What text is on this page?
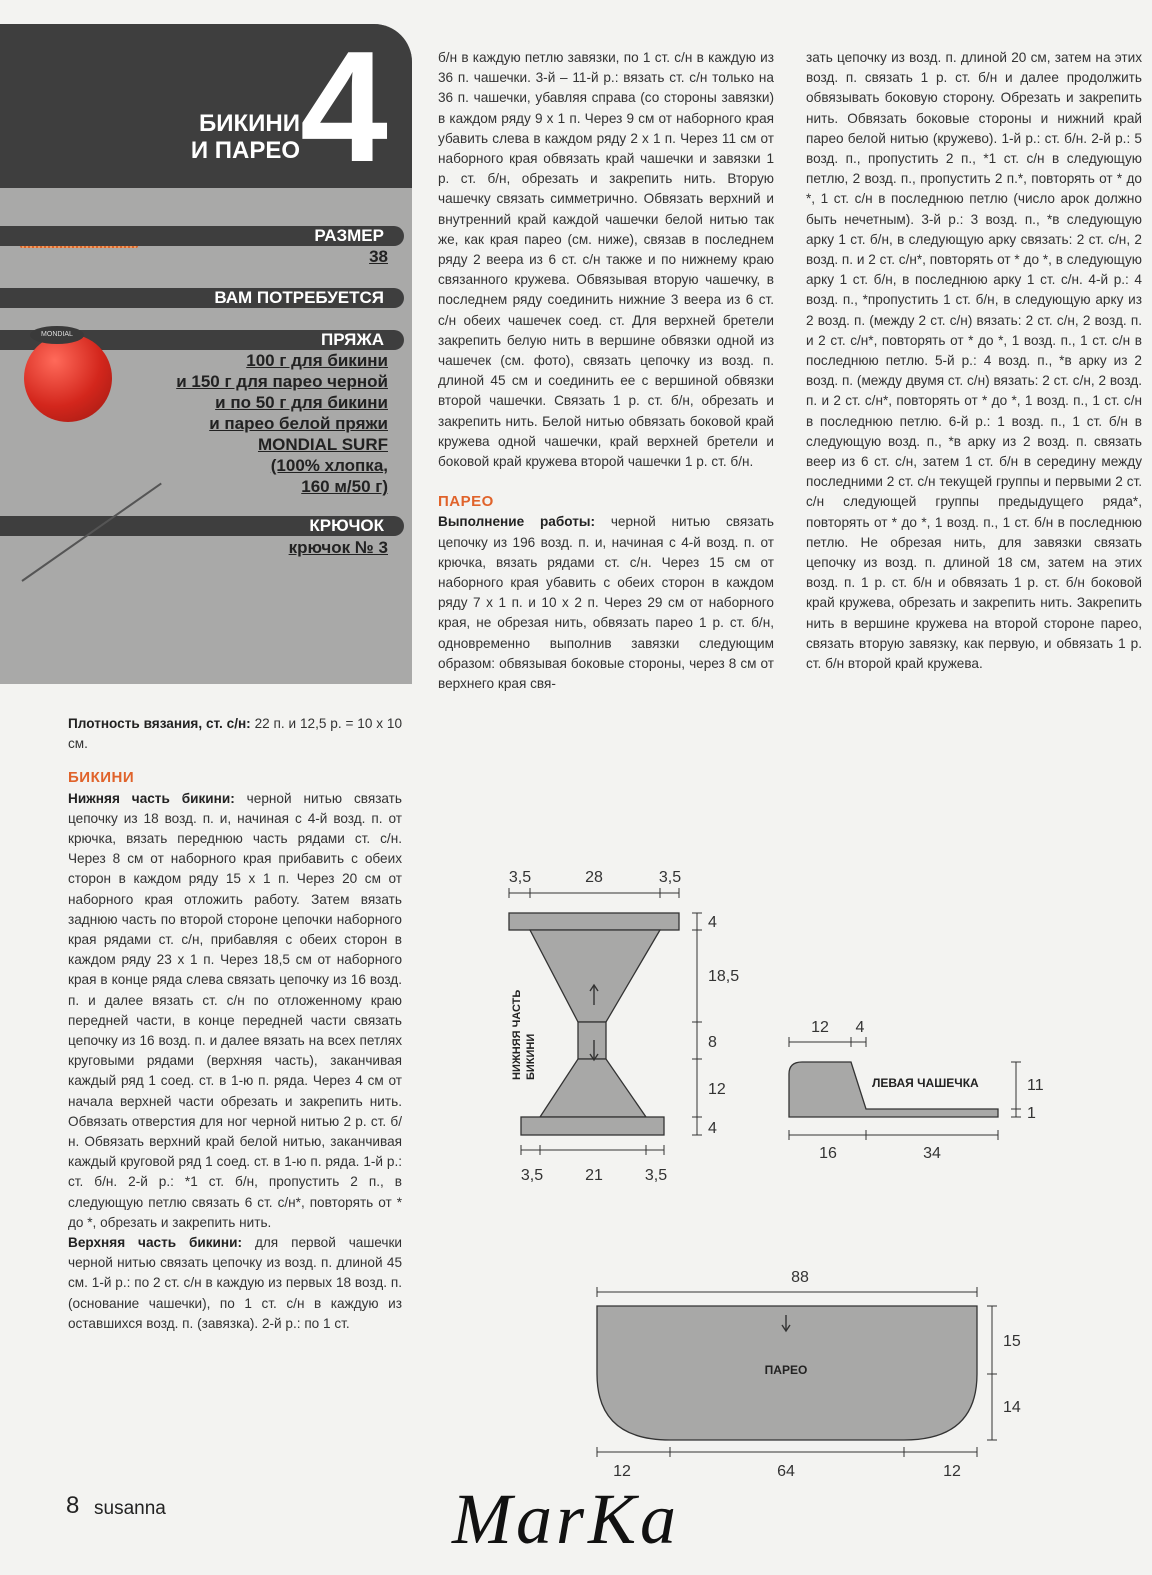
БИКИНИ
И ПАРЕО 4
РАЗМЕР
38
ВАМ ПОТРЕБУЕТСЯ
ПРЯЖА
MONDIAL
100 г для бикини
и 150 г для парео черной
и по 50 г для бикини
и парео белой пряжи
MONDIAL SURF
(100% хлопка,
160 м/50 г)
КРЮЧОК
крючок № 3

Плотность вязания, ст. с/н: 22 п. и 12,5 р. = 10 х 10 см.

БИКИНИ

Нижняя часть бикини: черной нитью связать цепочку из 18 возд. п. и, начиная с 4-й возд. п. от крючка, вязать переднюю часть рядами ст. с/н. Через 8 см от наборного края прибавить с обеих сторон в каждом ряду 15 х 1 п. Через 20 см от наборного края отложить работу. Затем вязать заднюю часть по второй стороне цепочки наборного края рядами ст. с/н, прибавляя с обеих сторон в каждом ряду 23 х 1 п. Через 18,5 см от наборного края в конце ряда слева связать цепочку из 16 возд. п. и далее вязать ст. с/н по отложенному краю передней части, в конце передней части связать цепочку из 16 возд. п. и далее вязать на всех петлях круговыми рядами (верхняя часть), заканчивая каждый ряд 1 соед. ст. в 1-ю п. ряда. Через 4 см от начала верхней части обрезать и закрепить нить. Обвязать отверстия для ног черной нитью 2 р. ст. б/н. Обвязать верхний край белой нитью, заканчивая каждый круговой ряд 1 соед. ст. в 1-ю п. ряда. 1-й р.: ст. б/н. 2-й р.: *1 ст. б/н, пропустить 2 п., в следующую петлю связать 6 ст. с/н*, повторять от * до *, обрезать и закрепить нить.

Верхняя часть бикини: для первой чашечки черной нитью связать цепочку из возд. п. длиной 45 см. 1-й р.: по 2 ст. с/н в каждую из первых 18 возд. п. (основание чашечки), по 1 ст. с/н в каждую из оставшихся возд. п. (завязка). 2-й р.: по 1 ст.

б/н в каждую петлю завязки, по 1 ст. с/н в каждую из 36 п. чашечки. 3-й – 11-й р.: вязать ст. с/н только на 36 п. чашечки, убавляя справа (со стороны завязки) в каждом ряду 9 х 1 п. Через 9 см от наборного края убавить слева в каждом ряду 2 х 1 п. Через 11 см от наборного края обвязать край чашечки и завязки 1 р. ст. б/н, обрезать и закрепить нить. Вторую чашечку связать симметрично. Обвязать верхний и внутренний край каждой чашечки белой нитью так же, как края парео (см. ниже), связав в последнем ряду 2 веера из 6 ст. с/н также и по нижнему краю связанного кружева. Обвязывая вторую чашечку, в последнем ряду соединить нижние 3 веера из 6 ст. с/н обеих чашечек соед. ст. Для верхней бретели закрепить белую нить в вершине обвязки одной из чашечек (см. фото), связать цепочку из возд. п. длиной 45 см и соединить ее с вершиной обвязки второй чашечки. Связать 1 р. ст. б/н, обрезать и закрепить нить. Белой нитью обвязать боковой край кружева одной чашечки, край верхней бретели и боковой край кружева второй чашечки 1 р. ст. б/н.

ПАРЕО

Выполнение работы: черной нитью связать цепочку из 196 возд. п. и, начиная с 4-й возд. п. от крючка, вязать рядами ст. с/н. Через 15 см от наборного края убавить с обеих сторон в каждом ряду 7 х 1 п. и 10 х 2 п. Через 29 см от наборного края, не обрезая нить, обвязать парео 1 р. ст. б/н, одновременно выполнив завязки следующим образом: обвязывая боковые стороны, через 8 см от верхнего края свя-

зать цепочку из возд. п. длиной 20 см, затем на этих возд. п. связать 1 р. ст. б/н и далее продолжить обвязывать боковую сторону. Обрезать и закрепить нить. Обвязать боковые стороны и нижний край парео белой нитью (кружево). 1-й р.: ст. б/н. 2-й р.: 5 возд. п., пропустить 2 п., *1 ст. с/н в следующую петлю, 2 возд. п., пропустить 2 п.*, повторять от * до *, 1 ст. с/н в последнюю петлю (число арок должно быть нечетным). 3-й р.: 3 возд. п., *в следующую арку 1 ст. б/н, в следующую арку связать: 2 ст. с/н, 2 возд. п. и 2 ст. с/н*, повторять от * до *, в следующую арку 1 ст. б/н, в последнюю арку 1 ст. с/н. 4-й р.: 4 возд. п., *пропустить 1 ст. б/н, в следующую арку из 2 возд. п. (между 2 ст. с/н) вязать: 2 ст. с/н, 2 возд. п. и 2 ст. с/н*, повторять от * до *, 1 возд. п., 1 ст. с/н в последнюю петлю. 5-й р.: 4 возд. п., *в арку из 2 возд. п. (между двумя ст. с/н) вязать: 2 ст. с/н, 2 возд. п. и 2 ст. с/н*, повторять от * до *, 1 возд. п., 1 ст. с/н в последнюю петлю. 6-й р.: 1 возд. п., 1 ст. б/н в следующую возд. п., *в арку из 2 возд. п. связать веер из 6 ст. с/н, затем 1 ст. б/н в середину между последними 2 ст. с/н текущей группы и первыми 2 ст. с/н следующей группы предыдущего ряда*, повторять от * до *, 1 возд. п., 1 ст. б/н в последнюю петлю. Не обрезая нить, для завязки связать цепочку из возд. п. длиной 18 см, затем на этих возд. п. 1 р. ст. б/н и обвязать 1 р. ст. б/н боковой край кружева, обрезать и закрепить нить. Закрепить нить в вершине кружева на второй стороне парео, связать вторую завязку, как первую, и обвязать 1 р. ст. б/н второй край кружева.

3,5	28	3,5
3,5	21	3,5
4
18,5
8
12
4
НИЖНЯЯ ЧАСТЬ БИКИНИ
12 4
16	34
11
1
ЛЕВАЯ ЧАШЕЧКА
88
12	64	12
15
14
ПАРЕО
8 susanna	MarKa
